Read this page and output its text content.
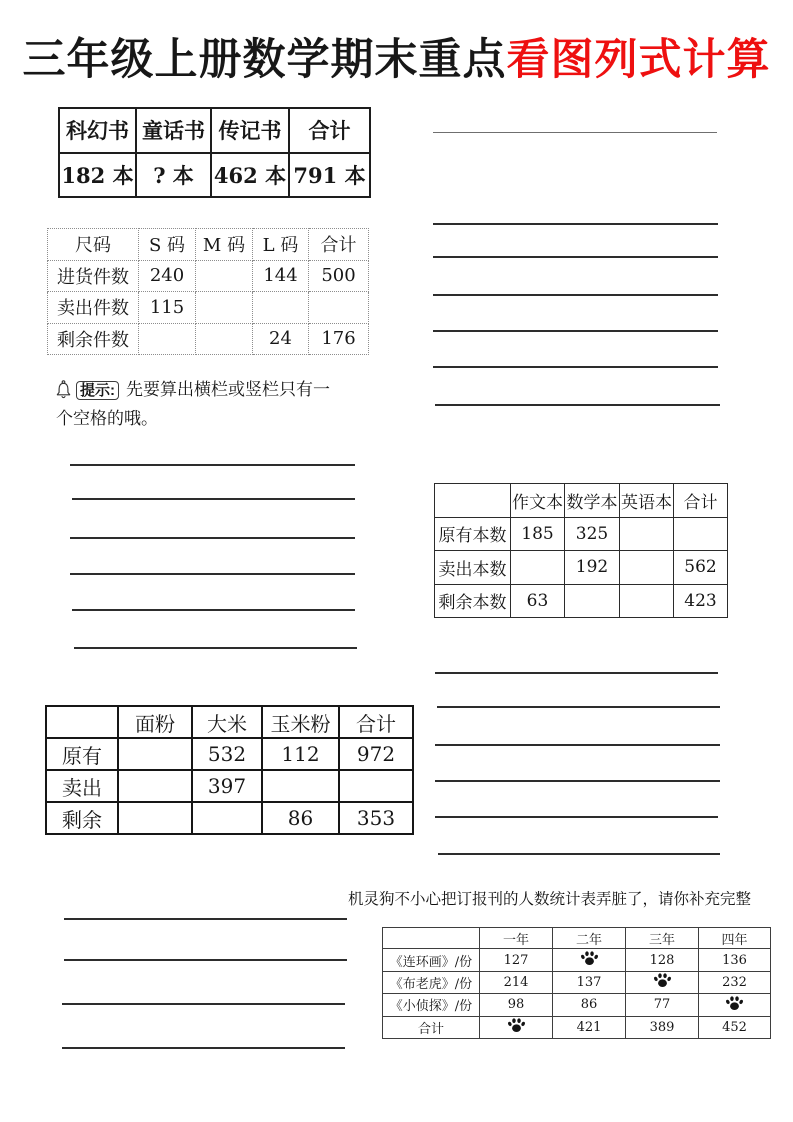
三年级上册数学期末重点看图列式计算
科幻书	童话书	传记书	合计
182 本	? 本	462 本	791 本
尺码	S 码	M 码	L 码	合计
进货件数	240		144	500
卖出件数	115			
剩余件数			24	176
提示: 先要算出横栏或竖栏只有一
个空格的哦。
	作文本	数学本	英语本	合计
原有本数	185	325		
卖出本数		192		562
剩余本数	63			423
	面粉	大米	玉米粉	合计
原有		532	112	972
卖出		397		
剩余			86	353
机灵狗不小心把订报刊的人数统计表弄脏了，请你补充完整
	一年	二年	三年	四年
《连环画》/份	127		128	136
《布老虎》/份	214	137		232
《小侦探》/份	98	86	77	
合计		421	389	452
